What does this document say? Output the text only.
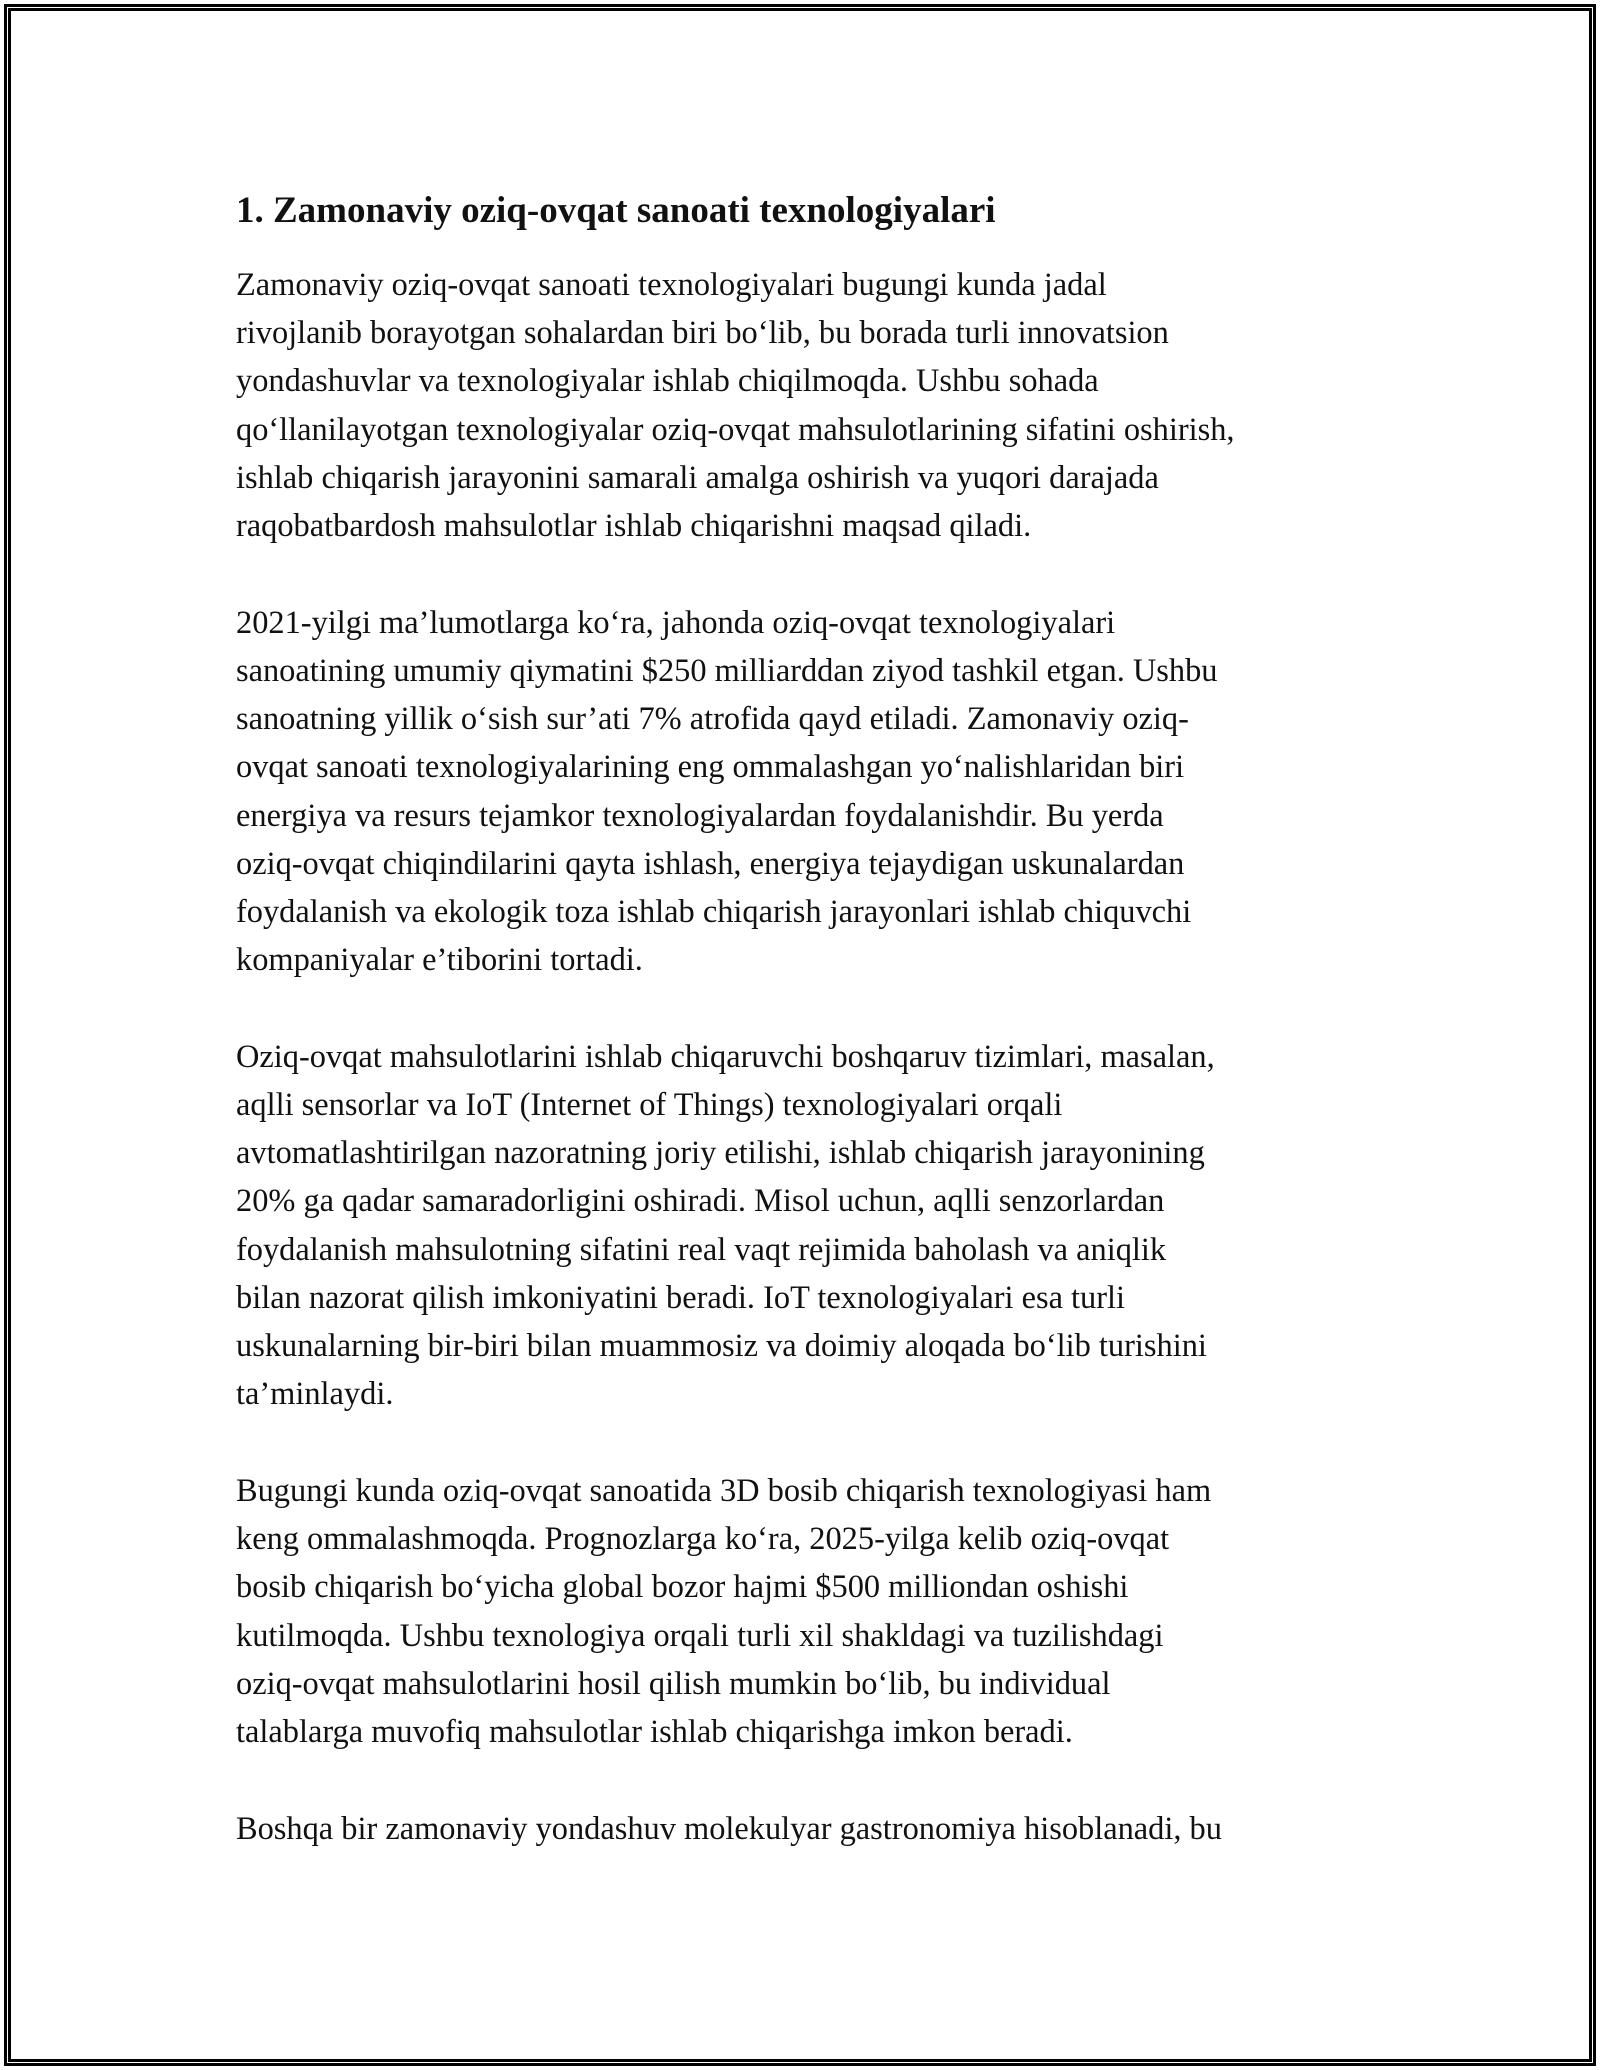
1. Zamonaviy oziq-ovqat sanoati texnologiyalari

Zamonaviy oziq-ovqat sanoati texnologiyalari bugungi kunda jadal
rivojlanib borayotgan sohalardan biri bo‘lib, bu borada turli innovatsion
yondashuvlar va texnologiyalar ishlab chiqilmoqda. Ushbu sohada
qo‘llanilayotgan texnologiyalar oziq-ovqat mahsulotlarining sifatini oshirish,
ishlab chiqarish jarayonini samarali amalga oshirish va yuqori darajada
raqobatbardosh mahsulotlar ishlab chiqarishni maqsad qiladi.

2021-yilgi ma’lumotlarga ko‘ra, jahonda oziq-ovqat texnologiyalari
sanoatining umumiy qiymatini $250 milliarddan ziyod tashkil etgan. Ushbu
sanoatning yillik o‘sish sur’ati 7% atrofida qayd etiladi. Zamonaviy oziq-
ovqat sanoati texnologiyalarining eng ommalashgan yo‘nalishlaridan biri
energiya va resurs tejamkor texnologiyalardan foydalanishdir. Bu yerda
oziq-ovqat chiqindilarini qayta ishlash, energiya tejaydigan uskunalardan
foydalanish va ekologik toza ishlab chiqarish jarayonlari ishlab chiquvchi
kompaniyalar e’tiborini tortadi.

Oziq-ovqat mahsulotlarini ishlab chiqaruvchi boshqaruv tizimlari, masalan,
aqlli sensorlar va IoT (Internet of Things) texnologiyalari orqali
avtomatlashtirilgan nazoratning joriy etilishi, ishlab chiqarish jarayonining
20% ga qadar samaradorligini oshiradi. Misol uchun, aqlli senzorlardan
foydalanish mahsulotning sifatini real vaqt rejimida baholash va aniqlik
bilan nazorat qilish imkoniyatini beradi. IoT texnologiyalari esa turli
uskunalarning bir-biri bilan muammosiz va doimiy aloqada bo‘lib turishini
ta’minlaydi.

Bugungi kunda oziq-ovqat sanoatida 3D bosib chiqarish texnologiyasi ham
keng ommalashmoqda. Prognozlarga ko‘ra, 2025-yilga kelib oziq-ovqat
bosib chiqarish bo‘yicha global bozor hajmi $500 milliondan oshishi
kutilmoqda. Ushbu texnologiya orqali turli xil shakldagi va tuzilishdagi
oziq-ovqat mahsulotlarini hosil qilish mumkin bo‘lib, bu individual
talablarga muvofiq mahsulotlar ishlab chiqarishga imkon beradi.

Boshqa bir zamonaviy yondashuv molekulyar gastronomiya hisoblanadi, bu
